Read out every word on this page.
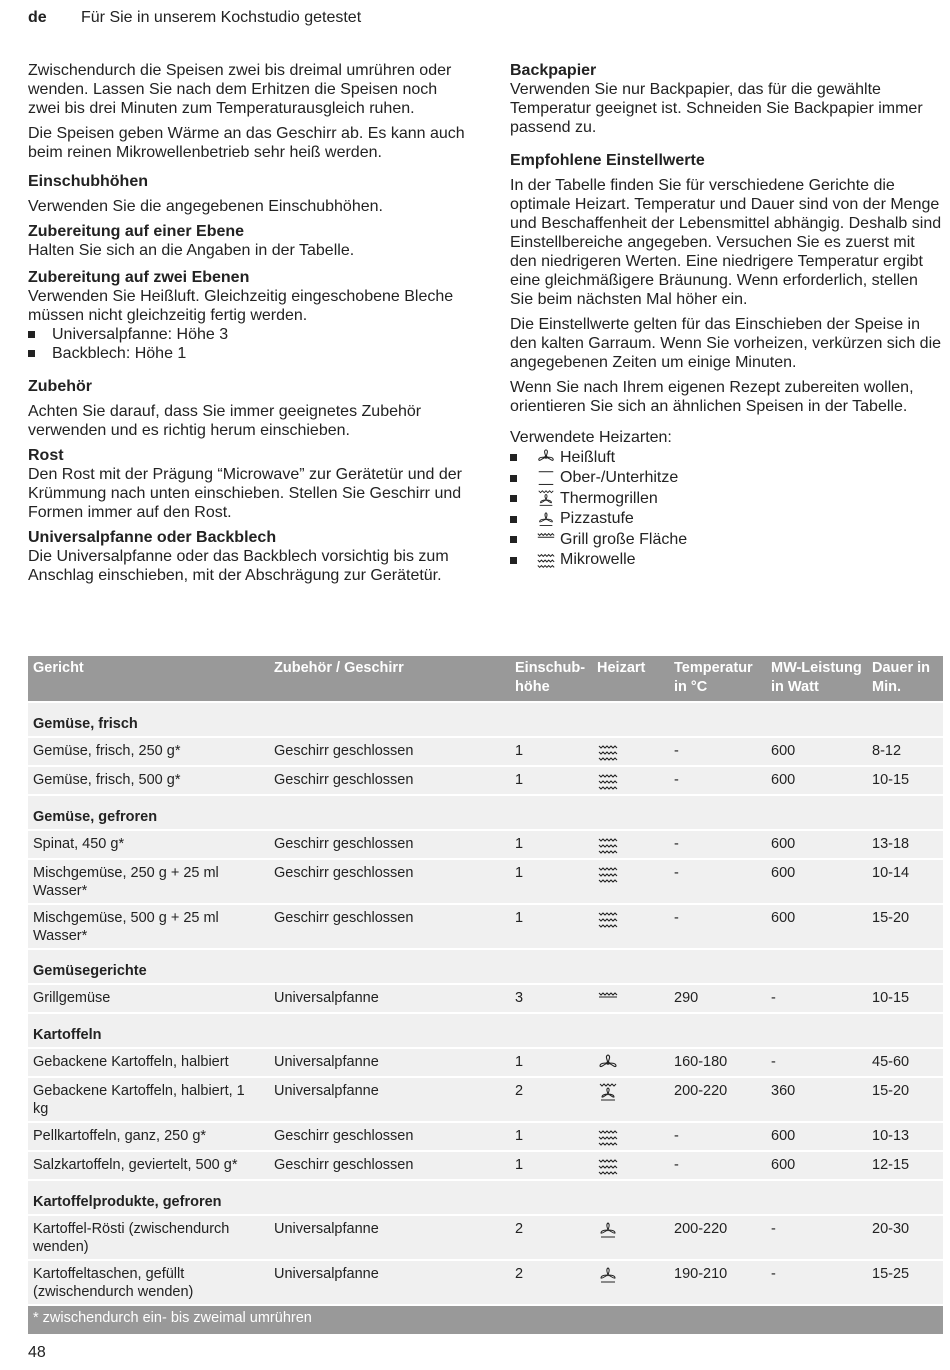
de	Für Sie in unserem Kochstudio getestet

Zwischendurch die Speisen zwei bis dreimal umrühren oder wenden. Lassen Sie nach dem Erhitzen die Speisen noch zwei bis drei Minuten zum Temperaturausgleich ruhen.

Die Speisen geben Wärme an das Geschirr ab. Es kann auch beim reinen Mikrowellenbetrieb sehr heiß werden.

Einschubhöhen

Verwenden Sie die angegebenen Einschubhöhen.

Zubereitung auf einer Ebene

Halten Sie sich an die Angaben in der Tabelle.

Zubereitung auf zwei Ebenen

Verwenden Sie Heißluft. Gleichzeitig eingeschobene Bleche müssen nicht gleichzeitig fertig werden.

Universalpfanne: Höhe 3
Backblech: Höhe 1
Zubehör

Achten Sie darauf, dass Sie immer geeignetes Zubehör verwenden und es richtig herum einschieben.

Rost

Den Rost mit der Prägung “Microwave” zur Gerätetür und der Krümmung nach unten einschieben. Stellen Sie Geschirr und Formen immer auf den Rost.

Universalpfanne oder Backblech

Die Universalpfanne oder das Backblech vorsichtig bis zum Anschlag einschieben, mit der Abschrägung zur Gerätetür.

Backpapier

Verwenden Sie nur Backpapier, das für die gewählte Temperatur geeignet ist. Schneiden Sie Backpapier immer passend zu.

Empfohlene Einstellwerte

In der Tabelle finden Sie für verschiedene Gerichte die optimale Heizart. Temperatur und Dauer sind von der Menge und Beschaffenheit der Lebensmittel abhängig. Deshalb sind Einstellbereiche angegeben. Versuchen Sie es zuerst mit den niedrigeren Werten. Eine niedrigere Temperatur ergibt eine gleichmäßigere Bräunung. Wenn erforderlich, stellen Sie beim nächsten Mal höher ein.

Die Einstellwerte gelten für das Einschieben der Speise in den kalten Garraum. Wenn Sie vorheizen, verkürzen sich die angegebenen Zeiten um einige Minuten.

Wenn Sie nach Ihrem eigenen Rezept zubereiten wollen, orientieren Sie sich an ähnlichen Speisen in der Tabelle.

Verwendete Heizarten:

Heißluft
Ober-/Unterhitze
Thermogrillen
Pizzastufe
Grill große Fläche
Mikrowelle
Gericht	Zubehör / Geschirr	Einschub-höhe	Heizart	Temperatur in °C	MW-Leistung in Watt	Dauer in Min.
Gemüse, frisch						
Gemüse, frisch, 250 g*	Geschirr geschlossen	1		-	600	8-12
Gemüse, frisch, 500 g*	Geschirr geschlossen	1		-	600	10-15
Gemüse, gefroren						
Spinat, 450 g*	Geschirr geschlossen	1		-	600	13-18
Mischgemüse, 250 g + 25 ml Wasser*	Geschirr geschlossen	1		-	600	10-14
Mischgemüse, 500 g + 25 ml Wasser*	Geschirr geschlossen	1		-	600	15-20
Gemüsegerichte						
Grillgemüse	Universalpfanne	3		290	-	10-15
Kartoffeln						
Gebackene Kartoffeln, halbiert	Universalpfanne	1		160-180	-	45-60
Gebackene Kartoffeln, halbiert, 1 kg	Universalpfanne	2		200-220	360	15-20
Pellkartoffeln, ganz, 250 g*	Geschirr geschlossen	1		-	600	10-13
Salzkartoffeln, geviertelt, 500 g*	Geschirr geschlossen	1		-	600	12-15
Kartoffelprodukte, gefroren						
Kartoffel-Rösti (zwischendurch wenden)	Universalpfanne	2		200-220	-	20-30
Kartoffeltaschen, gefüllt (zwischendurch wenden)	Universalpfanne	2		190-210	-	15-25
* zwischendurch ein- bis zweimal umrühren						
48
